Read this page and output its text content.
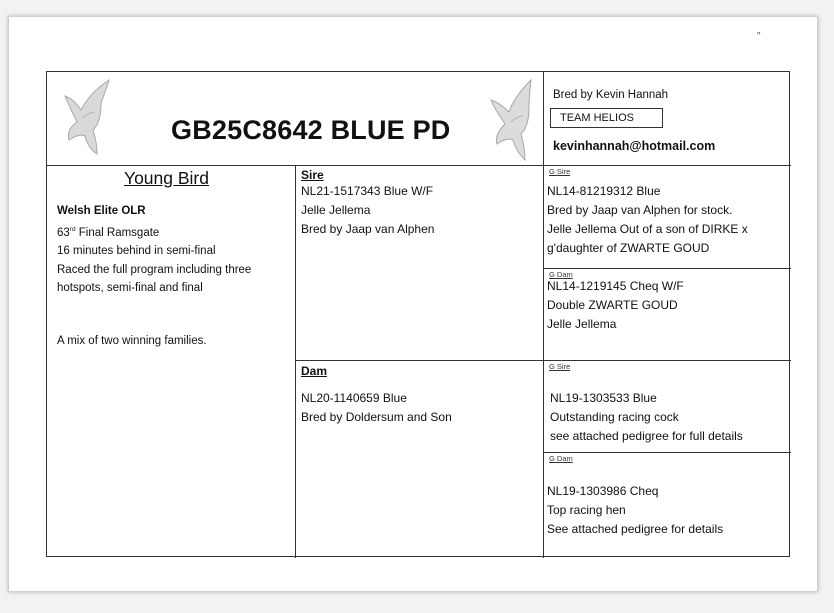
"
GB25C8642 BLUE PD
Bred by Kevin Hannah
TEAM HELIOS
kevinhannah@hotmail.com
Young Bird
Welsh Elite OLR
63rd Final Ramsgate
16 minutes behind in semi-final
Raced the full program including three
hotspots, semi-final and final
A mix of two winning families.
Sire
NL21-1517343 Blue W/F
Jelle Jellema
Bred by Jaap van Alphen
Dam
NL20-1140659 Blue
Bred by Doldersum and Son
G Sire
NL14-81219312 Blue
Bred by Jaap van Alphen for stock.
Jelle Jellema Out of a son of DIRKE x
g'daughter of ZWARTE GOUD
G Dam
NL14-1219145 Cheq W/F
Double ZWARTE GOUD
Jelle Jellema
G Sire
NL19-1303533 Blue
Outstanding racing cock
see attached pedigree for full details
G Dam
NL19-1303986 Cheq
Top racing hen
See attached pedigree for details
